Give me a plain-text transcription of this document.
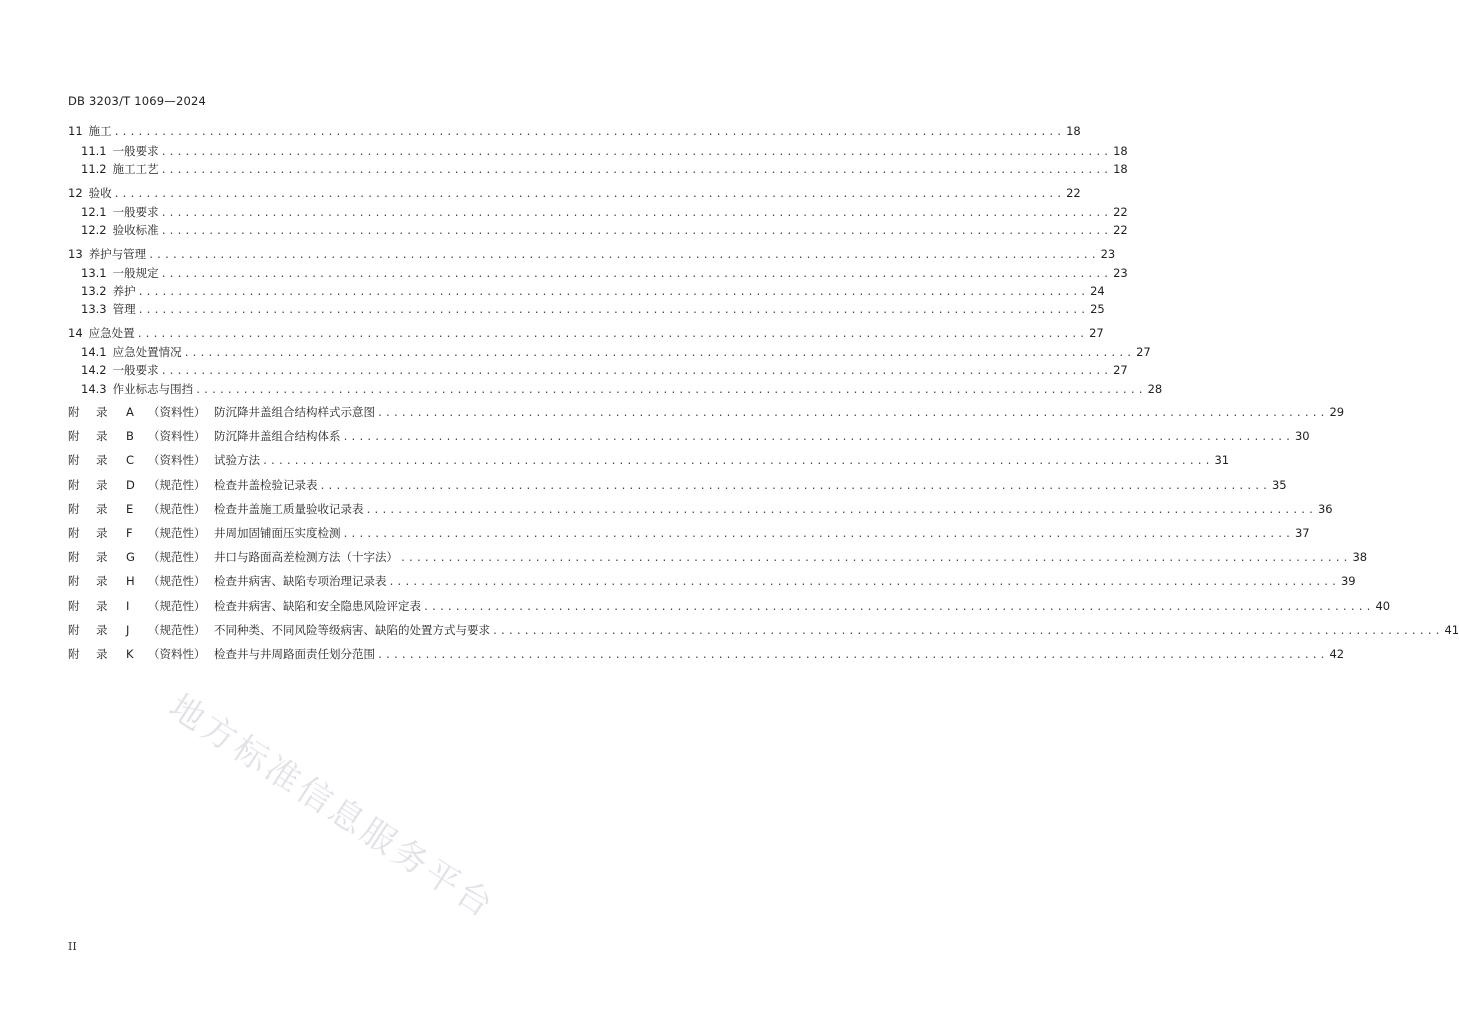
DB 3203/T 1069—2024
11 施工 ........................................................................................................................ 18
11.1 一般要求 ........................................................................................................................ 18
11.2 施工工艺 ........................................................................................................................ 18
12 验收 ........................................................................................................................ 22
12.1 一般要求 ........................................................................................................................ 22
12.2 验收标准 ........................................................................................................................ 22
13 养护与管理 ........................................................................................................................ 23
13.1 一般规定 ........................................................................................................................ 23
13.2 养护 ........................................................................................................................ 24
13.3 管理 ........................................................................................................................ 25
14 应急处置 ........................................................................................................................ 27
14.1 应急处置情况 ........................................................................................................................ 27
14.2 一般要求 ........................................................................................................................ 27
14.3 作业标志与围挡 ........................................................................................................................ 28
附 录 A （资料性） 防沉降井盖组合结构样式示意图 ........................................................................................................................ 29
附 录 B （资料性） 防沉降井盖组合结构体系 ........................................................................................................................ 30
附 录 C （资料性） 试验方法 ........................................................................................................................ 31
附 录 D （规范性） 检查井盖检验记录表 ........................................................................................................................ 35
附 录 E （规范性） 检查井盖施工质量验收记录表 ........................................................................................................................ 36
附 录 F （规范性） 井周加固铺面压实度检测 ........................................................................................................................ 37
附 录 G （规范性） 井口与路面高差检测方法（十字法） ........................................................................................................................ 38
附 录 H （规范性） 检查井病害、缺陷专项治理记录表 ........................................................................................................................ 39
附 录 I （规范性） 检查井病害、缺陷和安全隐患风险评定表 ........................................................................................................................ 40
附 录 J （规范性） 不同种类、不同风险等级病害、缺陷的处置方式与要求 ........................................................................................................................ 41
附 录 K （资料性） 检查井与井周路面责任划分范围 ........................................................................................................................ 42
地方标准信息服务平台
II
